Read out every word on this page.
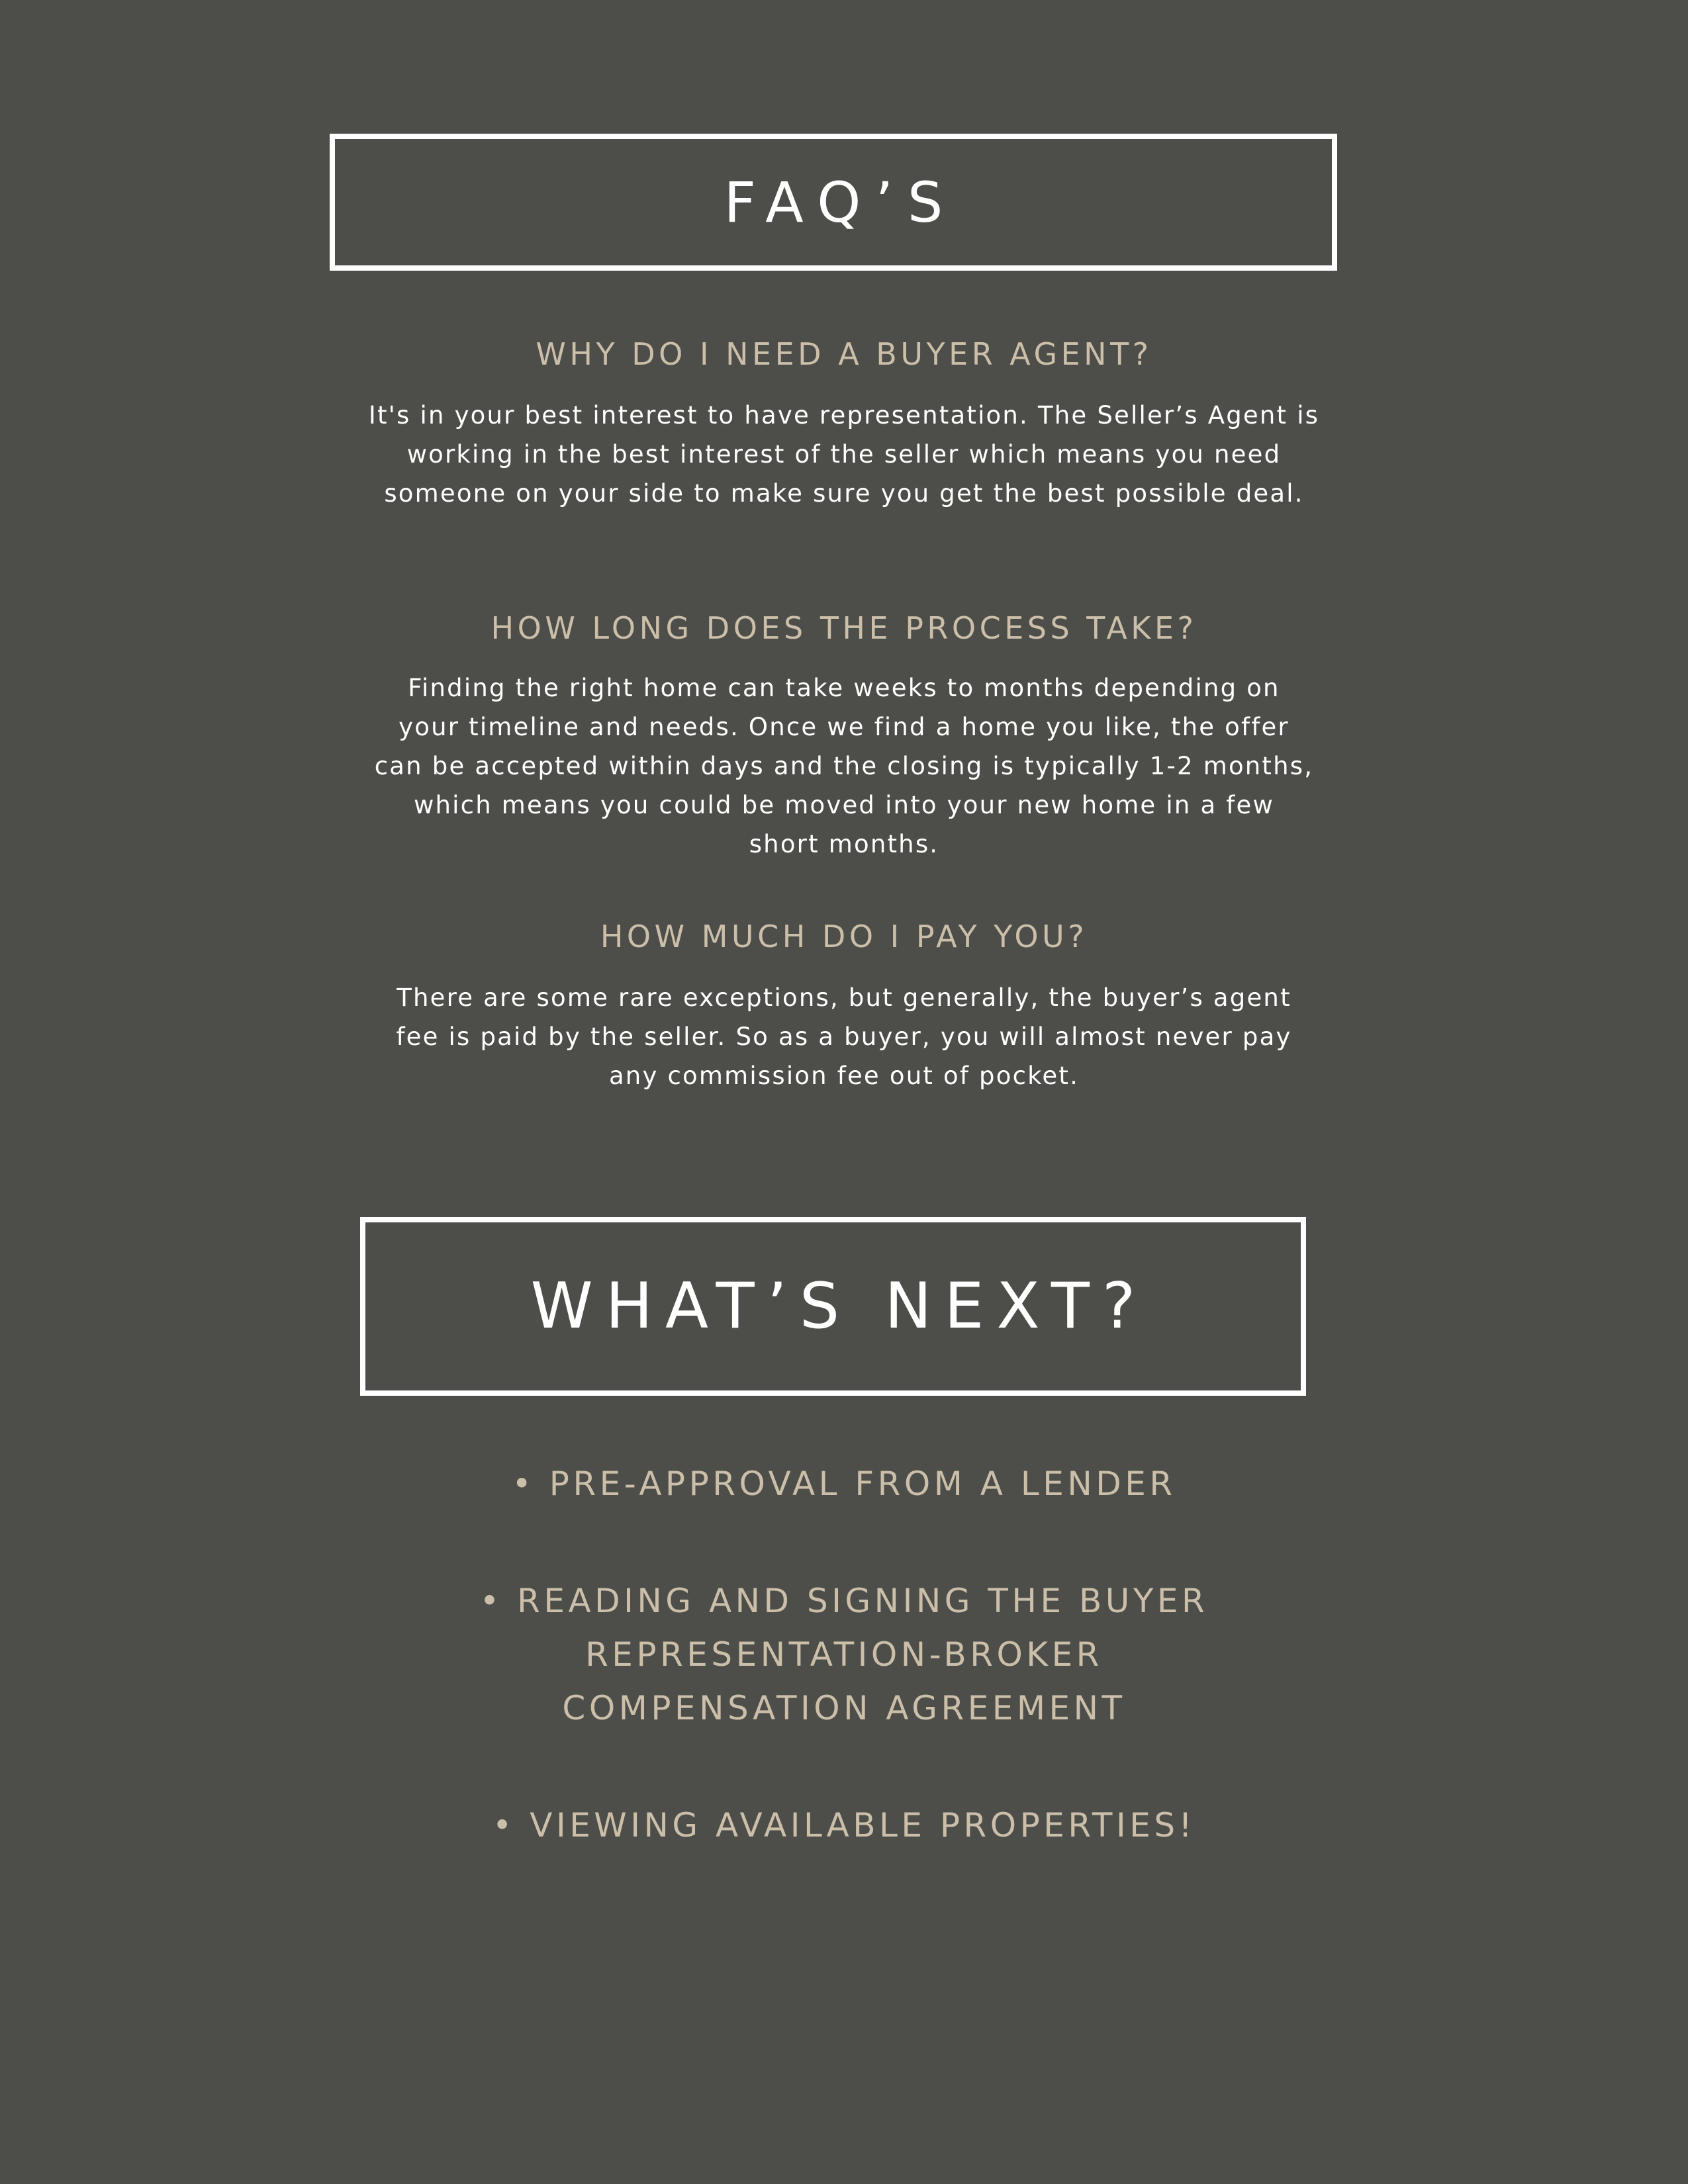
FAQ’S
WHY DO I NEED A BUYER AGENT?
It's in your best interest to have representation. The Seller’s Agent is
working in the best interest of the seller which means you need
someone on your side to make sure you get the best possible deal.
HOW LONG DOES THE PROCESS TAKE?
Finding the right home can take weeks to months depending on
your timeline and needs. Once we find a home you like, the offer
can be accepted within days and the closing is typically 1-2 months,
which means you could be moved into your new home in a few
short months.
HOW MUCH DO I PAY YOU?
There are some rare exceptions, but generally, the buyer’s agent
fee is paid by the seller. So as a buyer, you will almost never pay
any commission fee out of pocket.
WHAT’S NEXT?
• PRE-APPROVAL FROM A LENDER
• READING AND SIGNING THE BUYER
REPRESENTATION-BROKER
COMPENSATION AGREEMENT
• VIEWING AVAILABLE PROPERTIES!
